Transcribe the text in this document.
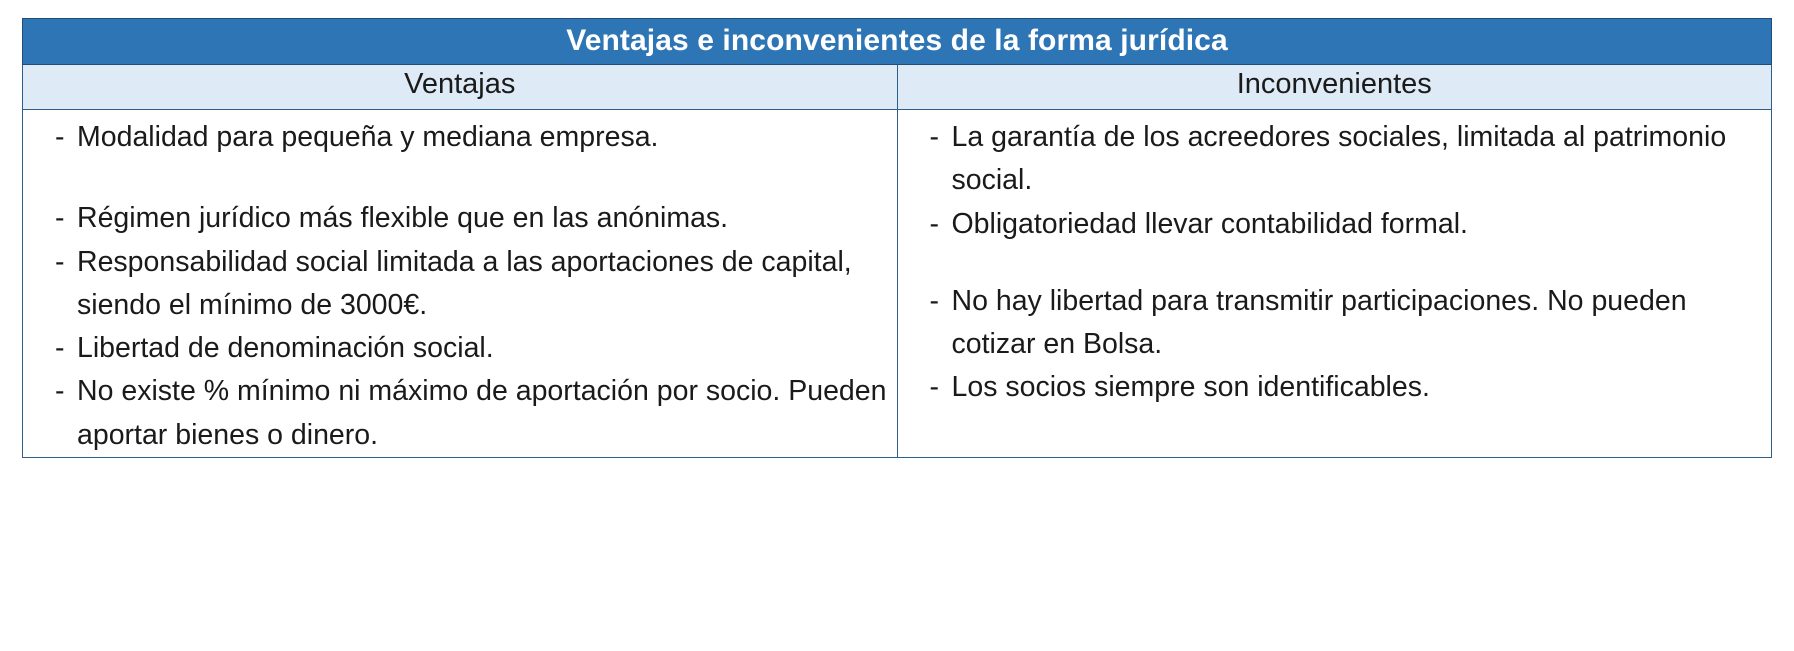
Ventajas e inconvenientes de la forma jurídica	
Ventajas	Inconvenientes

- Modalidad para pequeña y mediana empresa.
- Régimen jurídico más flexible que en las anónimas.
- Responsabilidad social limitada a las aportaciones de capital, siendo el mínimo de 3000€.
- Libertad de denominación social.
- No existe % mínimo ni máximo de aportación por socio. Pueden aportar bienes o dinero.

- La garantía de los acreedores sociales, limitada al patrimonio social.
- Obligatoriedad llevar contabilidad formal.
- No hay libertad para transmitir participaciones. No pueden cotizar en Bolsa.
- Los socios siempre son identificables.
